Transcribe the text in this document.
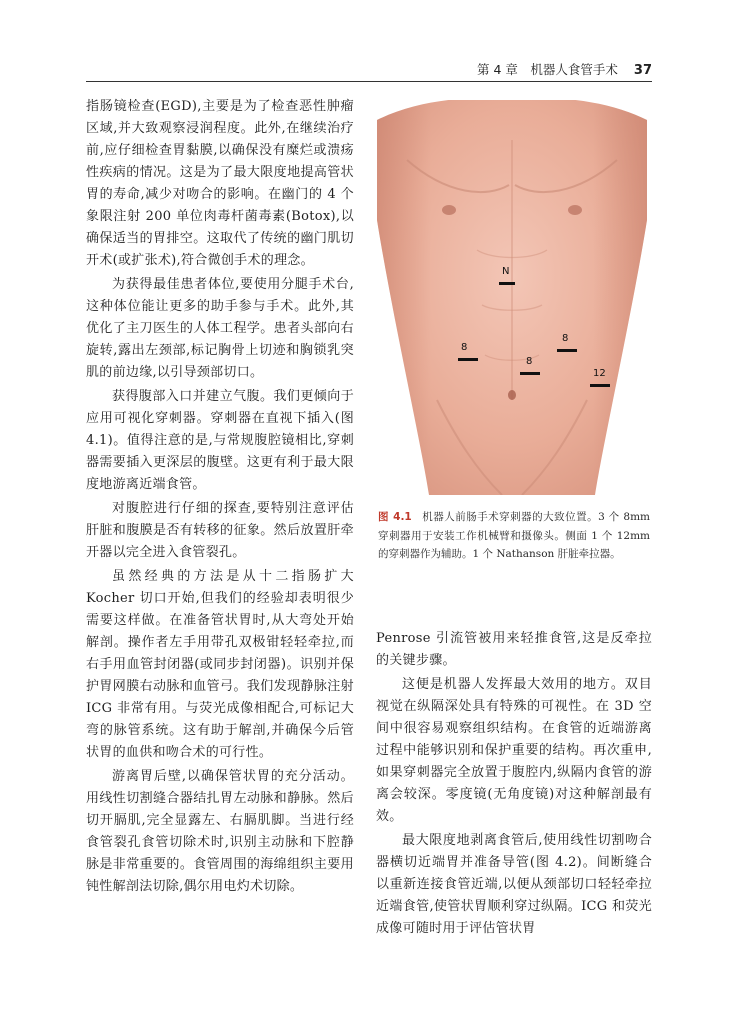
第 4 章　机器人食管手术 37

指肠镜检查(EGD),主要是为了检查恶性肿瘤区域,并大致观察浸润程度。此外,在继续治疗前,应仔细检查胃黏膜,以确保没有糜烂或溃疡性疾病的情况。这是为了最大限度地提高管状胃的寿命,减少对吻合的影响。在幽门的 4 个象限注射 200 单位肉毒杆菌毒素(Botox),以确保适当的胃排空。这取代了传统的幽门肌切开术(或扩张术),符合微创手术的理念。

为获得最佳患者体位,要使用分腿手术台,这种体位能让更多的助手参与手术。此外,其优化了主刀医生的人体工程学。患者头部向右旋转,露出左颈部,标记胸骨上切迹和胸锁乳突肌的前边缘,以引导颈部切口。

获得腹部入口并建立气腹。我们更倾向于应用可视化穿刺器。穿刺器在直视下插入(图 4.1)。值得注意的是,与常规腹腔镜相比,穿刺器需要插入更深层的腹壁。这更有利于最大限度地游离近端食管。

对腹腔进行仔细的探查,要特别注意评估肝脏和腹膜是否有转移的征象。然后放置肝牵开器以完全进入食管裂孔。

虽然经典的方法是从十二指肠扩大 Kocher 切口开始,但我们的经验却表明很少需要这样做。在准备管状胃时,从大弯处开始解剖。操作者左手用带孔双极钳轻轻牵拉,而右手用血管封闭器(或同步封闭器)。识别并保护胃网膜右动脉和血管弓。我们发现静脉注射 ICG 非常有用。与荧光成像相配合,可标记大弯的脉管系统。这有助于解剖,并确保今后管状胃的血供和吻合术的可行性。

游离胃后壁,以确保管状胃的充分活动。用线性切割缝合器结扎胃左动脉和静脉。然后切开膈肌,完全显露左、右膈肌脚。当进行经食管裂孔食管切除术时,识别主动脉和下腔静脉是非常重要的。食管周围的海绵组织主要用钝性解剖法切除,偶尔用电灼术切除。

N
8
8
8
12
图 4.1 机器人前肠手术穿刺器的大致位置。3 个 8mm 穿刺器用于安装工作机械臂和摄像头。侧面 1 个 12mm 的穿刺器作为辅助。1 个 Nathanson 肝脏牵拉器。

Penrose 引流管被用来轻推食管,这是反牵拉的关键步骤。

这便是机器人发挥最大效用的地方。双目视觉在纵隔深处具有特殊的可视性。在 3D 空间中很容易观察组织结构。在食管的近端游离过程中能够识别和保护重要的结构。再次重申,如果穿刺器完全放置于腹腔内,纵隔内食管的游离会较深。零度镜(无角度镜)对这种解剖最有效。

最大限度地剥离食管后,使用线性切割吻合器横切近端胃并准备导管(图 4.2)。间断缝合以重新连接食管近端,以便从颈部切口轻轻牵拉近端食管,使管状胃顺利穿过纵隔。ICG 和荧光成像可随时用于评估管状胃
